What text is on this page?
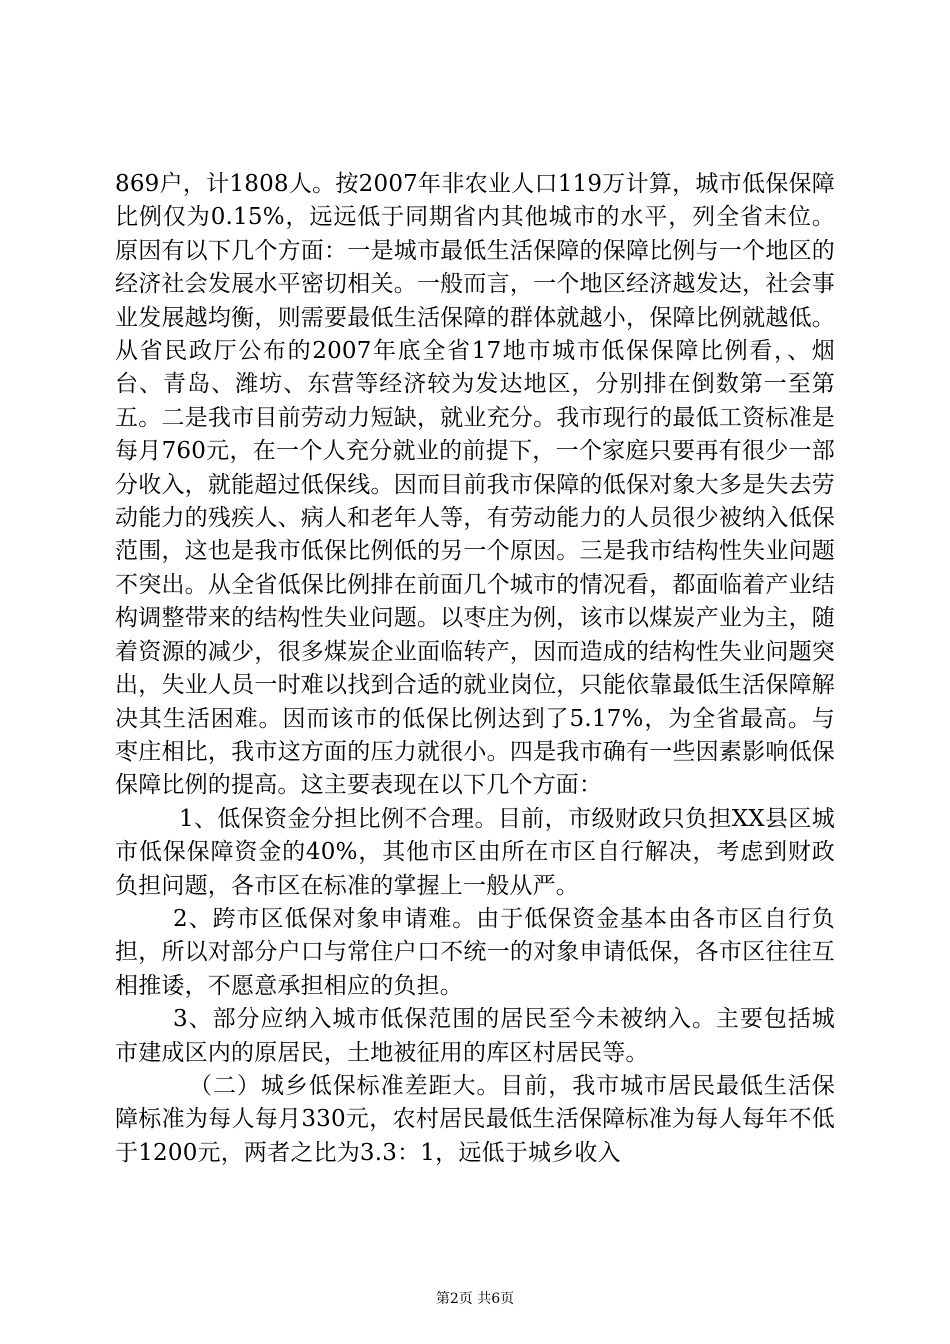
869户，计1808人。按2007年非农业人口119万计算，城市低保保障比例仅为0.15%，远远低于同期省内其他城市的水平，列全省末位。原因有以下几个方面：一是城市最低生活保障的保障比例与一个地区的经济社会发展水平密切相关。一般而言，一个地区经济越发达，社会事业发展越均衡，则需要最低生活保障的群体就越小，保障比例就越低。从省民政厅公布的2007年底全省17地市城市低保保障比例看，、烟台、青岛、潍坊、东营等经济较为发达地区，分别排在倒数第一至第五。二是我市目前劳动力短缺，就业充分。我市现行的最低工资标准是每月760元，在一个人充分就业的前提下，一个家庭只要再有很少一部分收入，就能超过低保线。因而目前我市保障的低保对象大多是失去劳动能力的残疾人、病人和老年人等，有劳动能力的人员很少被纳入低保范围，这也是我市低保比例低的另一个原因。三是我市结构性失业问题不突出。从全省低保比例排在前面几个城市的情况看，都面临着产业结构调整带来的结构性失业问题。以枣庄为例，该市以煤炭产业为主，随着资源的减少，很多煤炭企业面临转产，因而造成的结构性失业问题突出，失业人员一时难以找到合适的就业岗位，只能依靠最低生活保障解决其生活困难。因而该市的低保比例达到了5.17%，为全省最高。与枣庄相比，我市这方面的压力就很小。四是我市确有一些因素影响低保保障比例的提高。这主要表现在以下几个方面：

1、低保资金分担比例不合理。目前，市级财政只负担XX县区城市低保保障资金的40%，其他市区由所在市区自行解决，考虑到财政负担问题，各市区在标准的掌握上一般从严。

2、跨市区低保对象申请难。由于低保资金基本由各市区自行负担，所以对部分户口与常住户口不统一的对象申请低保，各市区往往互相推诿，不愿意承担相应的负担。

3、部分应纳入城市低保范围的居民至今未被纳入。主要包括城市建成区内的原居民，土地被征用的库区村居民等。

（二）城乡低保标准差距大。目前，我市城市居民最低生活保障标准为每人每月330元，农村居民最低生活保障标准为每人每年不低于1200元，两者之比为3.3：1，远低于城乡收入

第2页 共6页
